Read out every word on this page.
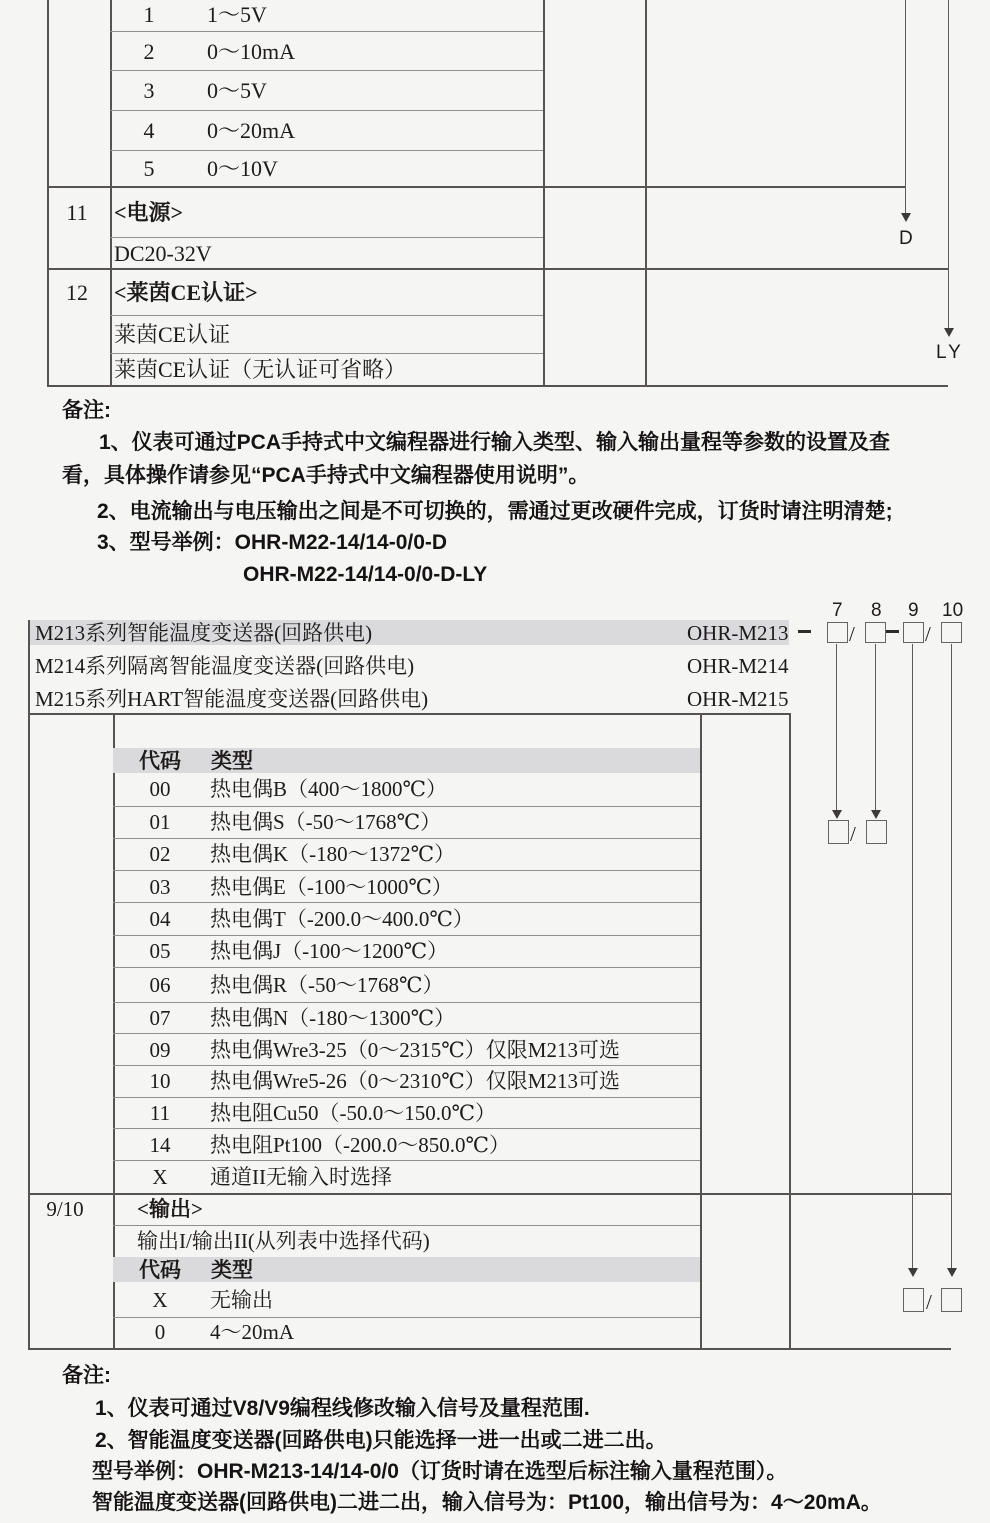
1	1～5V
2	0～10mA
3	0～5V
4	0～20mA
5	0～10V
11	<电源>
DC20-32V
12	<莱茵CE认证>
莱茵CE认证
莱茵CE认证（无认证可省略）
D
LY
备注:
1、仪表可通过PCA手持式中文编程器进行输入类型、输入输出量程等参数的设置及查
看，具体操作请参见“PCA手持式中文编程器使用说明”。
2、电流输出与电压输出之间是不可切换的，需通过更改硬件完成，订货时请注明清楚;
3、型号举例：OHR-M22-14/14-0/0-D
OHR-M22-14/14-0/0-D-LY
M213系列智能温度变送器(回路供电)	OHR-M213
M214系列隔离智能温度变送器(回路供电)	OHR-M214
M215系列HART智能温度变送器(回路供电)	OHR-M215
7 8 9 10
/	/
/
/
代码 类型
00	热电偶B（400～1800℃）
01	热电偶S（-50～1768℃）
02	热电偶K（-180～1372℃）
03	热电偶E（-100～1000℃）
04	热电偶T（-200.0～400.0℃）
05	热电偶J（-100～1200℃）
06	热电偶R（-50～1768℃）
07	热电偶N（-180～1300℃）
09	热电偶Wre3-25（0～2315℃）仅限M213可选
10	热电偶Wre5-26（0～2310℃）仅限M213可选
11	热电阻Cu50（-50.0～150.0℃）
14	热电阻Pt100（-200.0～850.0℃）
X	通道II无输入时选择
9/10	<输出>
输出I/输出II(从列表中选择代码)
代码 类型
X	无输出
0	4～20mA
备注:
1、仪表可通过V8/V9编程线修改输入信号及量程范围.
2、智能温度变送器(回路供电)只能选择一进一出或二进二出。
型号举例：OHR-M213-14/14-0/0（订货时请在选型后标注输入量程范围）。
智能温度变送器(回路供电)二进二出，输入信号为：Pt100，输出信号为：4～20mA。
